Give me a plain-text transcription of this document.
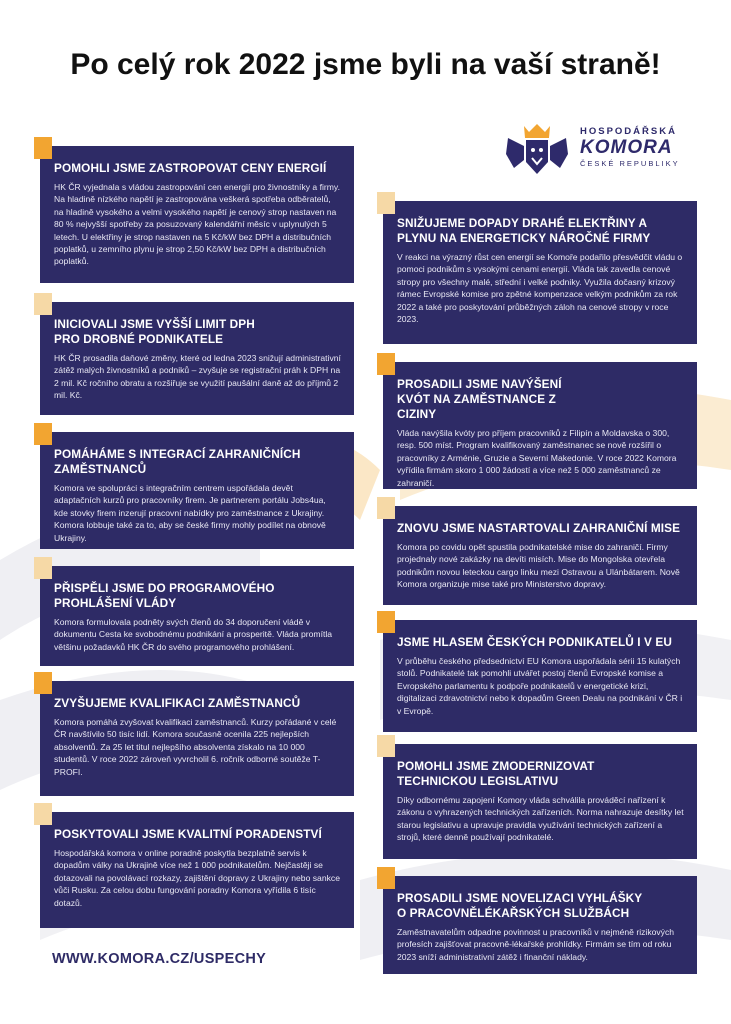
Po celý rok 2022 jsme byli na vaší straně!
HOSPODÁŘSKÁ
KOMORA
ČESKÉ REPUBLIKY
POMOHLI JSME ZASTROPOVAT CENY ENERGIÍ

HK ČR vyjednala s vládou zastropování cen energií pro živnostníky a firmy. Na hladině nízkého napětí je zastropována veškerá spotřeba odběratelů, na hladině vysokého a velmi vysokého napětí je cenový strop nastaven na 80 % nejvyšší spotřeby za posuzovaný kalendářní měsíc v uplynulých 5 letech. U elektřiny je strop nastaven na 5 Kč/kW bez DPH a distribučních poplatků, u zemního plynu je strop 2,50 Kč/kW bez DPH a distribučních poplatků.

INICIOVALI JSME VYŠŠÍ LIMIT DPH PRO DROBNÉ PODNIKATELE

HK ČR prosadila daňové změny, které od ledna 2023 snižují administrativní zátěž malých živnostníků a podniků – zvyšuje se registrační práh k DPH na 2 mil. Kč ročního obratu a rozšiřuje se využití paušální daně až do příjmů 2 mil. Kč.

POMÁHÁME S INTEGRACÍ ZAHRANIČNÍCH ZAMĚSTNANCŮ

Komora ve spolupráci s integračním centrem uspořádala devět adaptačních kurzů pro pracovníky firem. Je partnerem portálu Jobs4ua, kde stovky firem inzerují pracovní nabídky pro zaměstnance z Ukrajiny. Komora lobbuje také za to, aby se české firmy mohly podílet na obnově Ukrajiny.

PŘISPĚLI JSME DO PROGRAMOVÉHO PROHLÁŠENÍ VLÁDY

Komora formulovala podněty svých členů do 34 doporučení vládě v dokumentu Cesta ke svobodnému podnikání a prosperitě. Vláda promítla většinu požadavků HK ČR do svého programového prohlášení.

ZVYŠUJEME KVALIFIKACI ZAMĚSTNANCŮ

Komora pomáhá zvyšovat kvalifikaci zaměstnanců. Kurzy pořádané v celé ČR navštívilo 50 tisíc lidí. Komora současně ocenila 225 nejlepších absolventů. Za 25 let titul nejlepšího absolventa získalo na 10 000 studentů. V roce 2022 zároveň vyvrcholil 6. ročník odborné soutěže T-PROFI.

POSKYTOVALI JSME KVALITNÍ PORADENSTVÍ

Hospodářská komora v online poradně poskytla bezplatně servis k dopadům války na Ukrajině více než 1 000 podnikatelům. Nejčastěji se dotazovali na povolávací rozkazy, zajištění dopravy z Ukrajiny nebo sankce vůči Rusku. Za celou dobu fungování poradny Komora vyřídila 6 tisíc dotazů.

WWW.KOMORA.CZ/USPECHY
SNIŽUJEME DOPADY DRAHÉ ELEKTŘINY A PLYNU NA ENERGETICKY NÁROČNÉ FIRMY

V reakci na výrazný růst cen energií se Komoře podařilo přesvědčit vládu o pomoci podnikům s vysokými cenami energií. Vláda tak zavedla cenové stropy pro všechny malé, střední i velké podniky. Využila dočasný krizový rámec Evropské komise pro zpětné kompenzace velkým podnikům za rok 2022 a také pro poskytování průběžných záloh na cenové stropy v roce 2023.

PROSADILI JSME NAVÝŠENÍ KVÓT NA ZAMĚSTNANCE Z CIZINY

Vláda navýšila kvóty pro příjem pracovníků z Filipín a Moldavska o 300, resp. 500 míst. Program kvalifikovaný zaměstnanec se nově rozšířil o pracovníky z Arménie, Gruzie a Severní Makedonie. V roce 2022 Komora vyřídila firmám skoro 1 000 žádostí a více než 5 000 zaměstnanců ze zahraničí.

ZNOVU JSME NASTARTOVALI ZAHRANIČNÍ MISE

Komora po covidu opět spustila podnikatelské mise do zahraničí. Firmy projednaly nové zakázky na devíti misích. Mise do Mongolska otevřela podnikům novou leteckou cargo linku mezi Ostravou a Ulánbátarem. Nově Komora organizuje mise také pro Ministerstvo dopravy.

JSME HLASEM ČESKÝCH PODNIKATELŮ I V EU

V průběhu českého předsednictví EU Komora uspořádala sérii 15 kulatých stolů. Podnikatelé tak pomohli utvářet postoj členů Evropské komise a Evropského parlamentu k podpoře podnikatelů v energetické krizi, digitalizaci zdravotnictví nebo k dopadům Green Dealu na podnikání v ČR i v Evropě.

POMOHLI JSME ZMODERNIZOVAT TECHNICKOU LEGISLATIVU

Díky odbornému zapojení Komory vláda schválila prováděcí nařízení k zákonu o vyhrazených technických zařízeních. Norma nahrazuje desítky let starou legislativu a upravuje pravidla využívání technických zařízení a strojů, které denně používají podnikatelé.

PROSADILI JSME NOVELIZACI VYHLÁŠKY O PRACOVNĚLÉKAŘSKÝCH SLUŽBÁCH

Zaměstnavatelům odpadne povinnost u pracovníků v nejméně rizikových profesích zajišťovat pracovně-lékařské prohlídky. Firmám se tím od roku 2023 sníží administrativní zátěž i finanční náklady.
